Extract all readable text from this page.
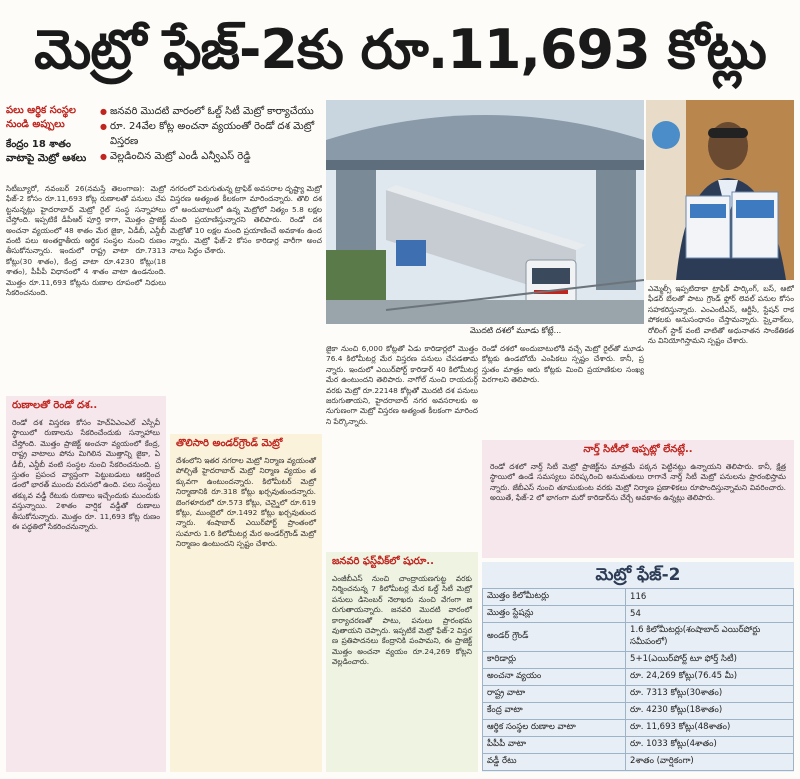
మెట్రో ఫేజ్‌-2కు రూ.11,693 కోట్లు
పలు ఆర్థిక సంస్థల నుండి అప్పులు
కేంద్రం 18 శాతం వాటాపై మెట్రో ఆశలు
● జనవరి మొదటి వారంలో ఓల్డ్‌ సిటీ మెట్రో కార్యాచేయు
● రూ. 24వేల కోట్ల అంచనా వ్యయంతో రెండో దశ మెట్రో విస్తరణ
● వెల్లడించిన మెట్రో ఎండీ ఎన్వీఎస్‌ రెడ్డి
సిటీబ్యూరో, నవంబర్‌ 26(నమస్తే తెలంగాణ): మెట్రో ఫేజ్‌-2 కోసం రూ.11,693 కోట్ల రుణాలతో పనులు చేపట్టనున్నట్లు హైదరాబాద్‌ మెట్రో రైల్‌ సంస్థ సన్నాహాలు చేస్తోంది. ఇప్పటికే డీపీఆర్‌ పూర్తి కాగా, మొత్తం ప్రాజెక్ట్‌ అంచనా వ్యయంలో 48 శాతం మేర జైకా, ఏడీబీ, ఎన్డీబీ వంటి పలు అంతర్జాతీయ ఆర్థిక సంస్థల నుంచి రుణం తీసుకోనున్నారు. ఇందులో రాష్ట్ర వాటా రూ.7313 కోట్లు(30 శాతం), కేంద్ర వాటా రూ.4230 కోట్లు(18 శాతం), పీపీపీ విధానంలో 4 శాతం వాటా ఉండనుంది. మొత్తం రూ.11,693 కోట్లను రుణాల రూపంలో నిధులు సేకరించనుంది.
నగరంలో పెరుగుతున్న ట్రాఫిక్‌ అవసరాల దృష్ట్యా మెట్రో విస్తరణ అత్యంత కీలకంగా మారిందన్నారు. తొలి దశలో అందుబాటులో ఉన్న మెట్రోలో నిత్యం 5.8 లక్షల మంది ప్రయాణిస్తున్నారని తెలిపారు. రెండో దశ మెట్రోతో 10 లక్షల మంది ప్రయాణించే అవకాశం ఉందన్నారు. మెట్రో ఫేజ్‌-2 కోసం కారిడార్ల వారీగా అంచనాలు సిద్ధం చేశారు.
మొదటి దశలో మూడు కోట్లే...
ఎమ్మెల్సీ ఇప్పటిదాకా ట్రాఫిక్‌ పార్కింగ్‌, బస్‌, ఆటో ఫీడర్‌ బేలతో పాటు గ్రౌండ్‌ ఫ్లోర్‌ లెవల్‌ పనుల కోసం సహకరిస్తున్నారు. ఎంఎంటీఎస్‌, ఆర్టీసీ, స్టేషన్‌ రాకపోకలకు అనుసంధానం చేస్తామన్నారు. స్కైవాక్‌లు, రోలింగ్‌ స్టాక్‌ వంటి వాటితో అధునాతన సాంకేతికతను వినియోగిస్తామని స్పష్టం చేశారు.
జైకా నుంచి 6,000 కోట్లతో ఏడు కారిడార్లలో మొత్తం 76.4 కిలోమీటర్ల మేర విస్తరణ పనులు చేపడతామన్నారు. ఇందులో ఎయిర్‌పోర్ట్‌ కారిడార్‌ 40 కిలోమీటర్ల మేర ఉంటుందని తెలిపారు. నాగోల్‌ నుంచి రాయదుర్గ్‌ వరకు మెట్రో రూ.22148 కోట్లతో మొదటి దశ పనులు జరుగుతాయని, హైదరాబాద్‌ నగర అవసరాలకు అనుగుణంగా మెట్రో విస్తరణ అత్యంత కీలకంగా మారిందని పేర్కొన్నారు.
రెండో దశలో అందుబాటులోకి వచ్చే మెట్రో రైల్‌తో మూడు కోట్లకు ఉండబోయే ఎంపికలు స్పష్టం చేశారు. కానీ, ప్రస్తుతం మాత్రం ఆరు కోట్లకు మించి ప్రయాణికుల సంఖ్య పెరగాలని తెలిపారు.
రుణాలతో రెండో దశ..
రెండో దశ విస్తరణ కోసం హెచ్‌ఏఎంఎల్‌ ఎస్పీవీ స్థాయిలో రుణాలను సేకరించేందుకు సన్నాహాలు చేస్తోంది. మొత్తం ప్రాజెక్ట్‌ అంచనా వ్యయంలో కేంద్ర, రాష్ట్ర వాటాలు పోను మిగిలిన మొత్తాన్ని జైకా, ఏడీబీ, ఎన్డీబీ వంటి సంస్థల నుంచి సేకరించనుంది. ప్రస్తుతం ప్రపంచ వ్యాప్తంగా పెట్టుబడులు ఆకర్షించడంలో భారత్‌ ముందు వరుసలో ఉంది. పలు సంస్థలు తక్కువ వడ్డీ రేటుకు రుణాలు ఇచ్చేందుకు ముందుకు వస్తున్నాయి. 2శాతం వార్షిక వడ్డీతో రుణాలు తీసుకోనున్నారు. మొత్తం రూ. 11,693 కోట్ల రుణం ఈ పద్ధతిలో సేకరించనున్నారు.
తొలిసారి అండర్‌గ్రౌండ్‌ మెట్రో
దేశంలోని ఇతర నగరాల మెట్రో నిర్మాణ వ్యయంతో పోల్చితే హైదరాబాద్‌ మెట్రో నిర్మాణ వ్యయం తక్కువగా ఉంటుందన్నారు. కిలోమీటర్‌ మెట్రో నిర్మాణానికి రూ.318 కోట్లు ఖర్చవుతుందన్నారు. బెంగళూరులో రూ.573 కోట్లు, చెన్నైలో రూ.619 కోట్లు, ముంబైలో రూ.1492 కోట్లు ఖర్చవుతుందన్నారు. శంషాబాద్‌ ఎయిర్‌పోర్ట్‌ ప్రాంతంలో సుమారు 1.6 కిలోమీటర్ల మేర అండర్‌గ్రౌండ్‌ మెట్రో నిర్మాణం ఉంటుందని స్పష్టం చేశారు.
జనవరి ఫస్ట్‌వీక్‌లో షురూ..
ఎంజీబీఎస్‌ నుంచి చాంద్రాయణగుట్ట వరకు నిర్మించనున్న 7 కిలోమీటర్ల మేర ఓల్డ్‌ సిటీ మెట్రో పనులు డిసెంబర్‌ నెలాఖరు నుంచి వేగంగా జరుగుతాయన్నారు. జనవరి మొదటి వారంలో కార్యాచరణతో పాటు, పనులు ప్రారంభమవుతాయని చెప్పారు. ఇప్పటికే మెట్రో ఫేజ్‌-2 విస్తరణ ప్రతిపాదనలు కేంద్రానికి పంపామని, ఈ ప్రాజెక్ట్‌ మొత్తం అంచనా వ్యయం రూ.24,269 కోట్లని వెల్లడించారు.
నార్త్‌ సిటీలో ఇప్పట్లో లేనట్లే..
రెండో దశలో నార్త్‌ సిటీ మెట్రో ప్రాజెక్ట్‌ను మాత్రమే పక్కన పెట్టినట్లు ఉన్నాయని తెలిపారు. కానీ, క్షేత్రస్థాయిలో ఉండే సమస్యలు పరిష్కరించి అనుమతులు రాగానే నార్త్‌ సిటీ మెట్రో పనులను ప్రారంభిస్తామన్నారు. జేబీఎస్‌ నుంచి తూముకుంట వరకు మెట్రో నిర్మాణ ప్రణాళికలు రూపొందిస్తున్నామని వివరించారు. అయితే, ఫేజ్‌-2 లో భాగంగా మరో కారిడార్‌ను చేర్చే అవకాశం ఉన్నట్లు తెలిపారు.
మెట్రో ఫేజ్‌-2
మొత్తం కిలోమీటర్లు	116
మొత్తం స్టేషన్లు	54
అండర్‌ గ్రౌండ్‌	1.6 కిలోమీటర్లు(శంషాబాద్‌ ఎయిర్‌పోర్టు సమీపంలో)
కారిడార్లు	5+1(ఎయిర్‌పోర్ట్‌ టూ ఫోర్త్‌ సిటీ)
అంచనా వ్యయం	రూ. 24,269 కోట్లు(76.45 మీ)
రాష్ట్ర వాటా	రూ. 7313 కోట్లు(30శాతం)
కేంద్ర వాటా	రూ. 4230 కోట్లు(18శాతం)
ఆర్థిక సంస్థల రుణాల వాటా	రూ. 11,693 కోట్లు(48శాతం)
పీపీపీ వాటా	రూ. 1033 కోట్లు(4శాతం)
వడ్డీ రేటు	2శాతం (వార్షికంగా)
